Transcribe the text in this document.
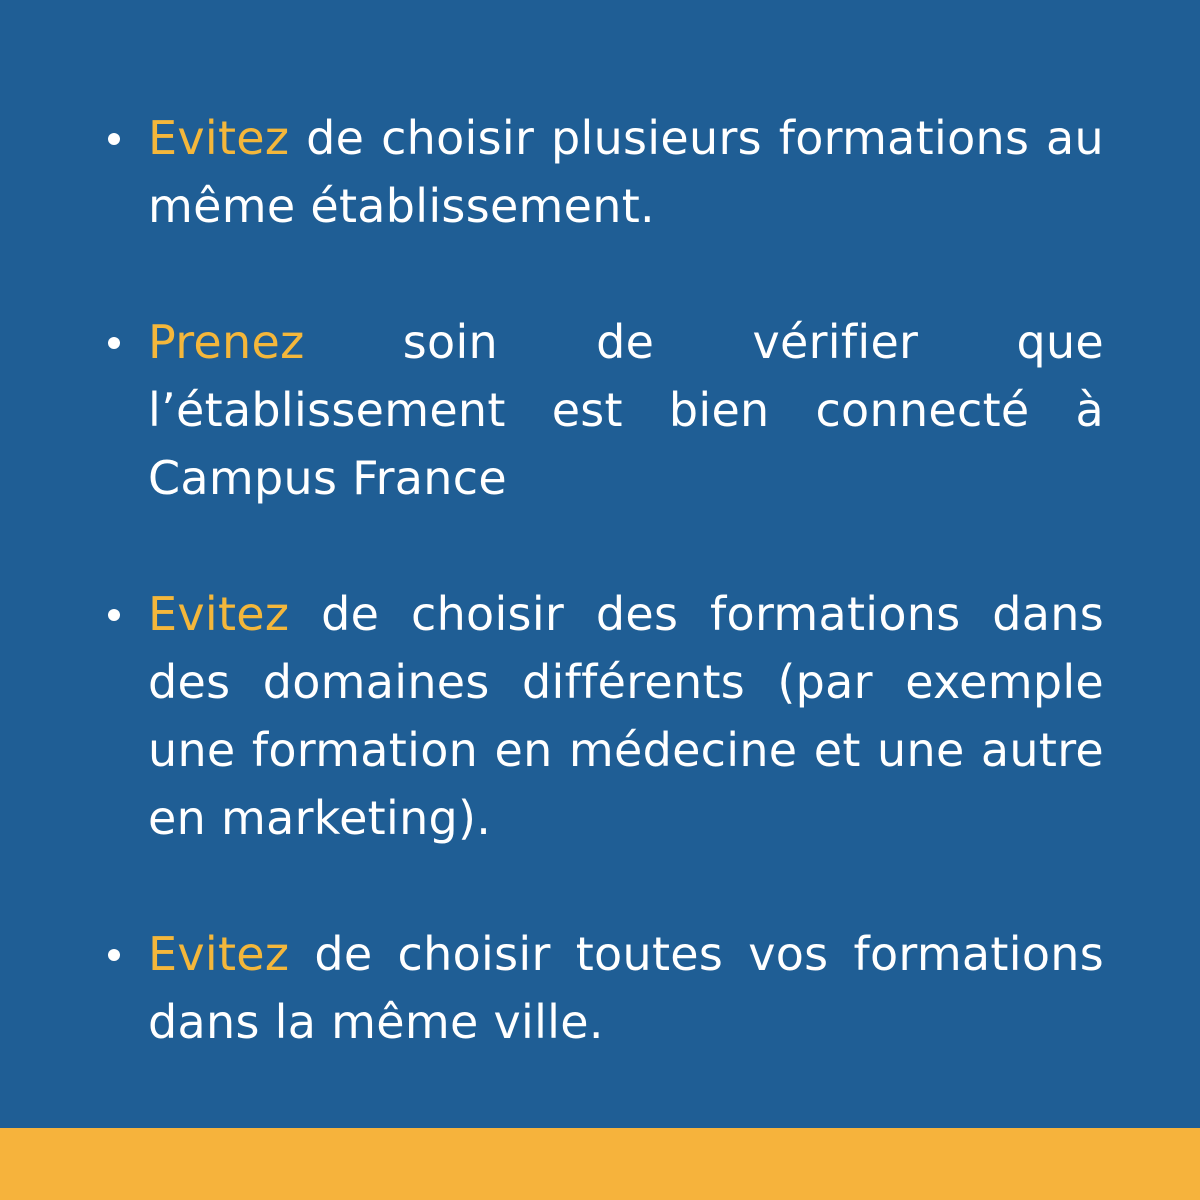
Evitez de choisir plusieurs formations au même établissement.
Prenez soin de vérifier que l’établissement est bien connecté à Campus France
Evitez de choisir des formations dans des domaines différents (par exemple une formation en médecine et une autre en marketing).
Evitez de choisir toutes vos formations dans la même ville.
